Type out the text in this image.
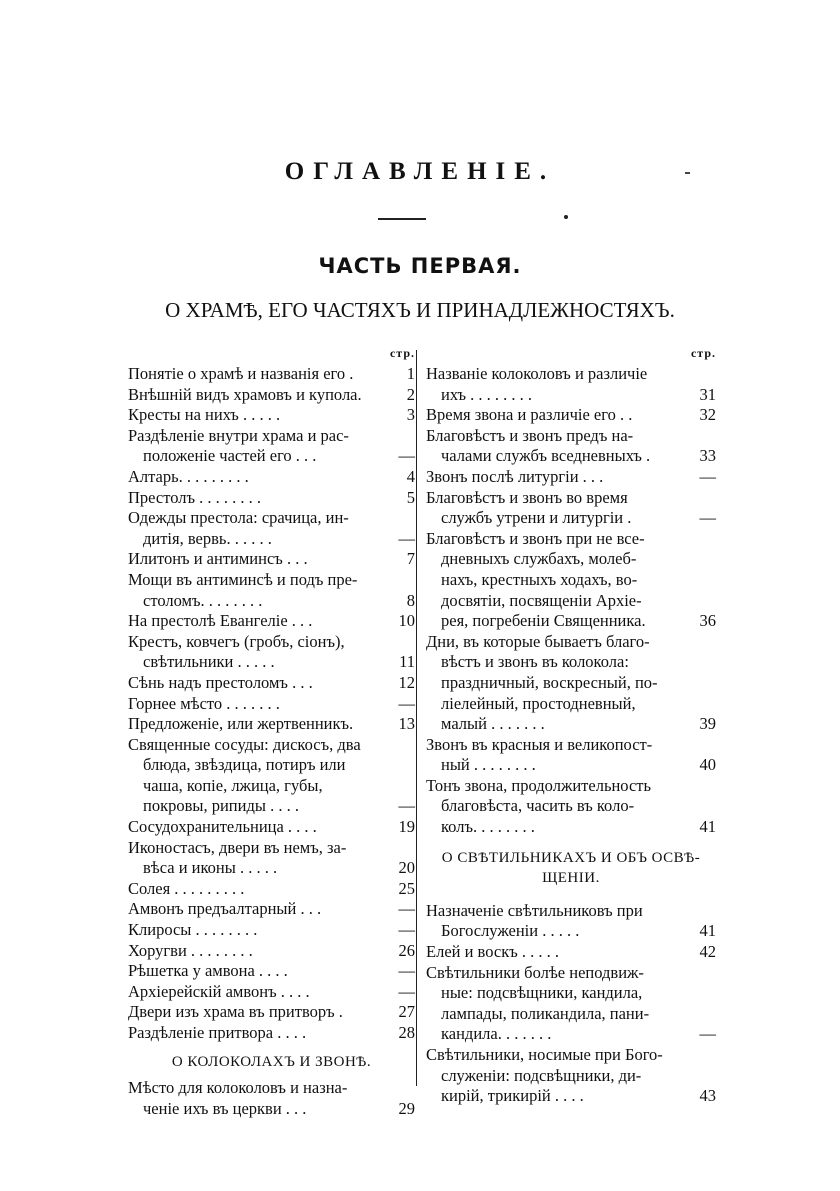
ОГЛАВЛЕНІЕ.
ЧАСТЬ ПЕРВАЯ.
О ХРАМѢ, ЕГО ЧАСТЯХЪ И ПРИНАДЛЕЖНОСТЯХЪ.
стр.
Понятіе о храмѣ и названія его .	1
Внѣшній видъ храмовъ и купола.	2
Кресты на нихъ . . . . .	3
Раздѣленіе внутри храма и рас-
положеніе частей его . . .	—
Алтарь. . . . . . . . .	4
Престолъ . . . . . . . .	5
Одежды престола: срачица, ин-
дитія, вервь. . . . . .	—
Илитонъ и антиминсъ . . .	7
Мощи въ антиминсѣ и подъ пре-
столомъ. . . . . . . .	8
На престолѣ Евангеліе . . .	10
Крестъ, ковчегъ (гробъ, сіонъ),
свѣтильники . . . . .	11
Сѣнь надъ престоломъ . . .	12
Горнее мѣсто . . . . . . .	—
Предложеніе, или жертвенникъ.	13
Священные сосуды: дискосъ, два
блюда, звѣздица, потиръ или
чаша, копіе, лжица, губы,
покровы, рипиды . . . .	—
Сосудохранительница . . . .	19
Иконостасъ, двери въ немъ, за-
вѣса и иконы . . . . .	20
Солея . . . . . . . . .	25
Амвонъ предъалтарный . . .	—
Клиросы . . . . . . . .	—
Хоругви . . . . . . . .	26
Рѣшетка у амвона . . . .	—
Архіерейскій амвонъ . . . .	—
Двери изъ храма въ притворъ .	27
Раздѣленіе притвора . . . .	28
О КОЛОКОЛАХЪ И ЗВОНѢ.
Мѣсто для колоколовъ и назна-
ченіе ихъ въ церкви . . .	29
стр.
Названіе колоколовъ и различіе
ихъ . . . . . . . .	31
Время звона и различіе его . .	32
Благовѣстъ и звонъ предъ на-
чалами службъ вседневныхъ .	33
Звонъ послѣ литургіи . . .	—
Благовѣстъ и звонъ во время
службъ утрени и литургіи .	—
Благовѣстъ и звонъ при не все-
дневныхъ службахъ, молеб-
нахъ, крестныхъ ходахъ, во-
досвятіи, посвященіи Архіе-
рея, погребеніи Священника.	36
Дни, въ которые бываетъ благо-
вѣстъ и звонъ въ колокола:
праздничный, воскресный, по-
ліелейный, простодневный,
малый . . . . . . .	39
Звонъ въ красныя и великопост-
ный . . . . . . . .	40
Тонъ звона, продолжительность
благовѣста, часить въ коло-
колъ. . . . . . . .	41
О СВѢТИЛЬНИКАХЪ И ОБЪ ОСВѢ-
ЩЕНІИ.
Назначеніе свѣтильниковъ при
Богослуженіи . . . . .	41
Елей и воскъ . . . . .	42
Свѣтильники болѣе неподвиж-
ные: подсвѣщники, кандила,
лампады, поликандила, пани-
кандила. . . . . . .	—
Свѣтильники, носимые при Бого-
служеніи: подсвѣщники, ди-
кирій, трикирій . . . .	43
